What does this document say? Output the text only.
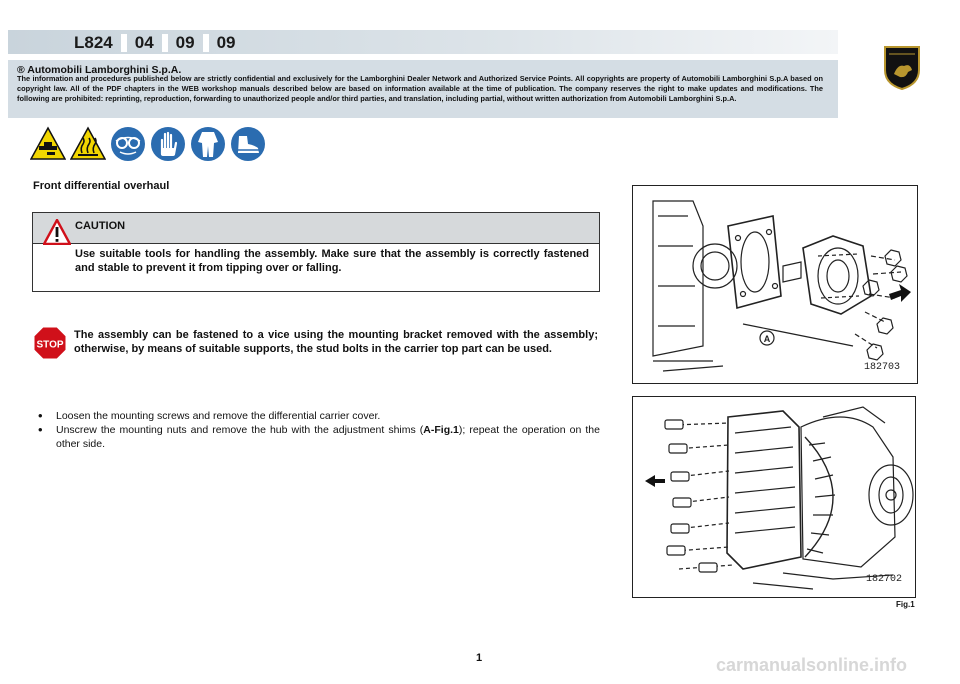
L824	04	09	09
® Automobili Lamborghini S.p.A.
The information and procedures published below are strictly confidential and exclusively for the Lamborghini Dealer Network and Authorized Service Points. All copyrights are property of Automobili Lamborghini S.p.A based on copyright law. All of the PDF chapters in the WEB workshop manuals described below are based on information available at the time of publication. The company reserves the right to make updates and modifications. The following are prohibited: reprinting, reproduction, forwarding to unauthorized people and/or third parties, and translation, including partial, without written authorization from Automobili Lamborghini S.p.A.
Front differential overhaul
CAUTION
Use suitable tools for handling the assembly. Make sure that the assembly is correctly fastened and stable to prevent it from tipping over or falling.
STOP
The assembly can be fastened to a vice using the mounting bracket removed with the assembly; otherwise, by means of suitable supports, the stud bolts in the carrier top part can be used.
• Loosen the mounting screws and remove the differential carrier cover.
• Unscrew the mounting nuts and remove the hub with the adjustment shims (A-Fig.1); repeat the operation on the other side.
A
182703
182702
Fig.1
1	carmanualsonline.info
